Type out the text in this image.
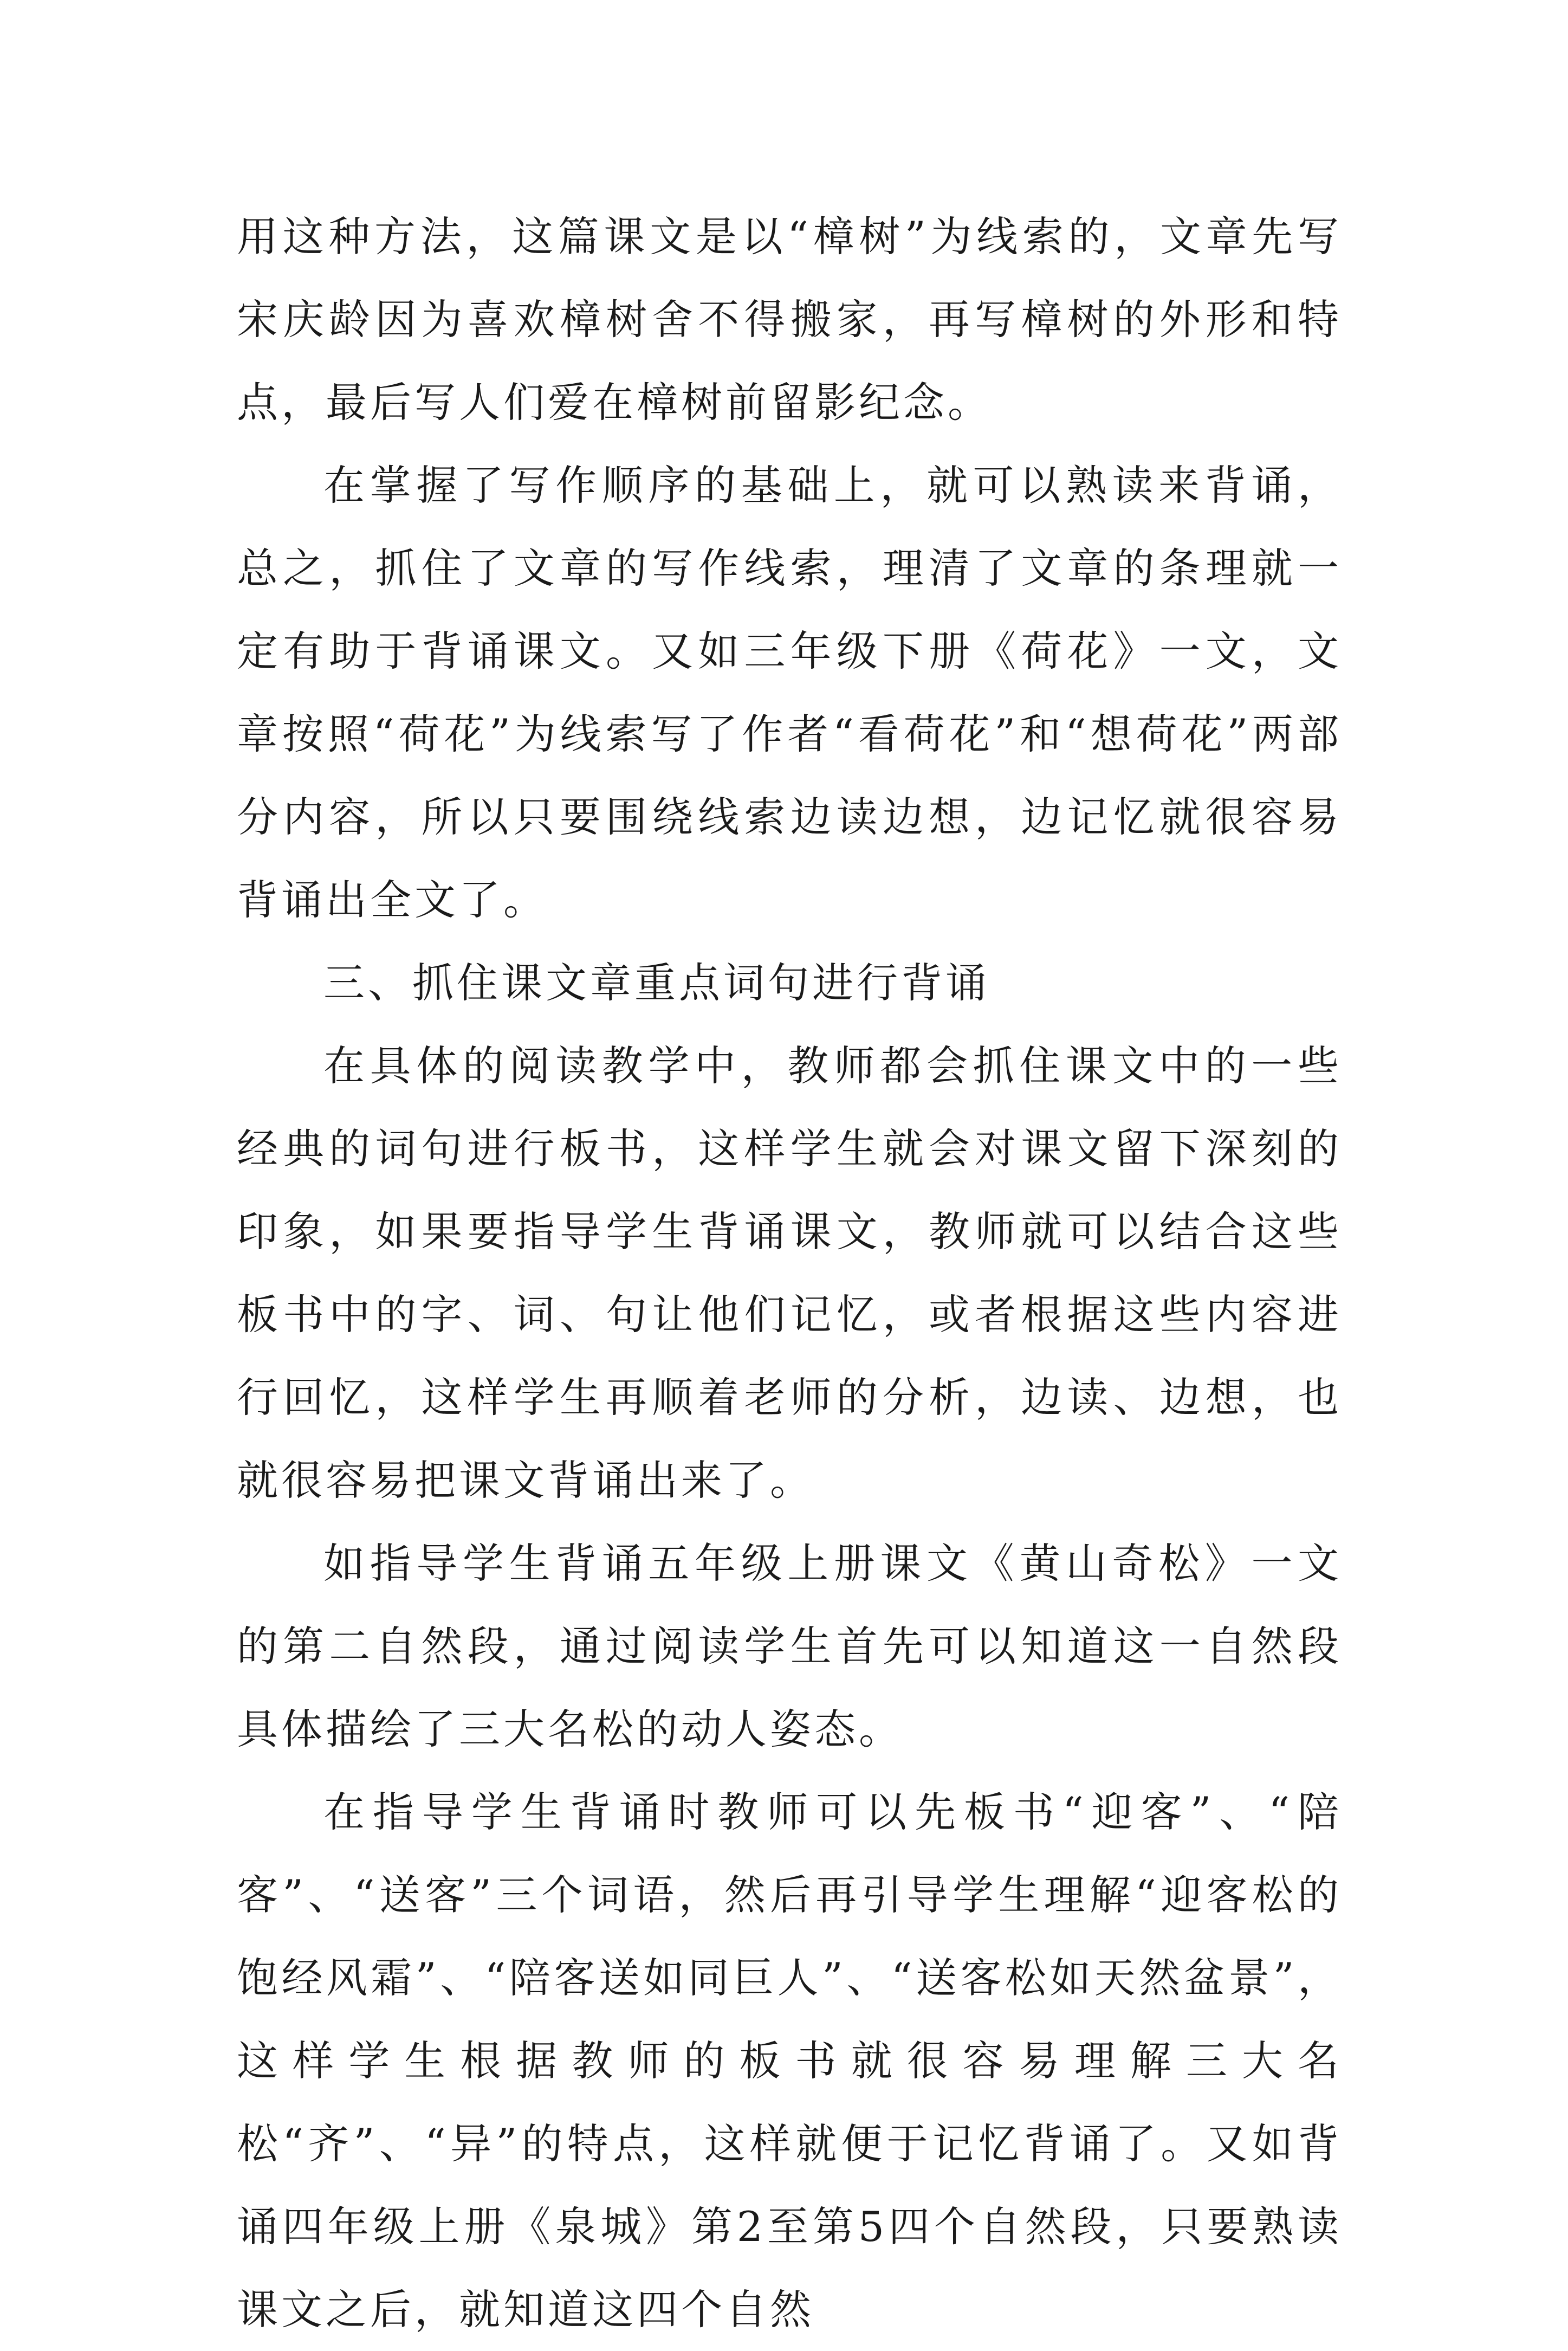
用这种方法，这篇课文是以“樟树”为线索的，文章先写宋庆龄因为喜欢樟树舍不得搬家，再写樟树的外形和特点，最后写人们爱在樟树前留影纪念。

在掌握了写作顺序的基础上，就可以熟读来背诵，总之，抓住了文章的写作线索，理清了文章的条理就一定有助于背诵课文。又如三年级下册《荷花》一文，文章按照“荷花”为线索写了作者“看荷花”和“想荷花”两部分内容，所以只要围绕线索边读边想，边记忆就很容易背诵出全文了。

三、抓住课文章重点词句进行背诵

在具体的阅读教学中，教师都会抓住课文中的一些经典的词句进行板书，这样学生就会对课文留下深刻的印象，如果要指导学生背诵课文，教师就可以结合这些板书中的字、词、句让他们记忆，或者根据这些内容进行回忆，这样学生再顺着老师的分析，边读、边想，也就很容易把课文背诵出来了。

如指导学生背诵五年级上册课文《黄山奇松》一文的第二自然段，通过阅读学生首先可以知道这一自然段具体描绘了三大名松的动人姿态。

在指导学生背诵时教师可以先板书“迎客”、“陪客”、“送客”三个词语，然后再引导学生理解“迎客松的饱经风霜”、“陪客送如同巨人”、“送客松如天然盆景”，这样学生根据教师的板书就很容易理解三大名松“齐”、“异”的特点，这样就便于记忆背诵了。又如背诵四年级上册《泉城》第2至第5四个自然段，只要熟读课文之后，就知道这四个自然
